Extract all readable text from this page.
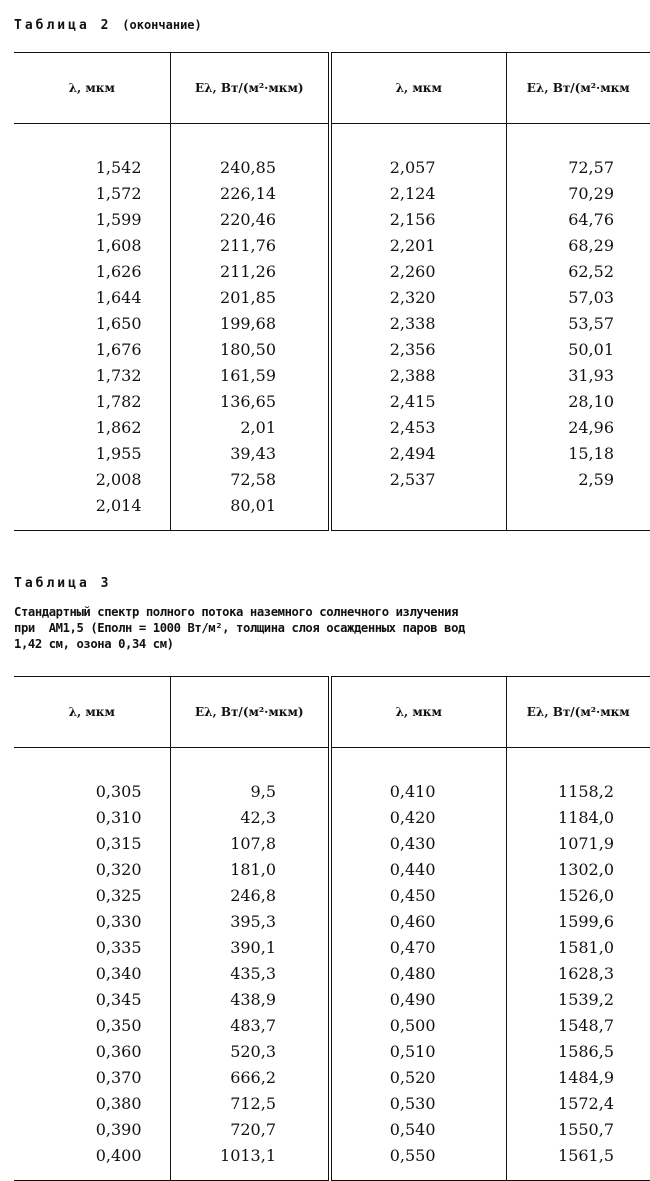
Таблица 2 (окончание)
λ, мкм	Eλ, Вт/(м²·мкм)	λ, мкм	Eλ, Вт/(м²·мкм

1,542	240,85	2,057	72,57
1,572	226,14	2,124	70,29
1,599	220,46	2,156	64,76
1,608	211,76	2,201	68,29
1,626	211,26	2,260	62,52
1,644	201,85	2,320	57,03
1,650	199,68	2,338	53,57
1,676	180,50	2,356	50,01
1,732	161,59	2,388	31,93
1,782	136,65	2,415	28,10
1,862	2,01	2,453	24,96
1,955	39,43	2,494	15,18
2,008	72,58	2,537	2,59
2,014	80,01		

Таблица 3
Стандартный спектр полного потока наземного солнечного излучения
при  AM1,5 (Eполн = 1000 Вт/м², толщина слоя осажденных паров вод
1,42 см, озона 0,34 см)
λ, мкм	Eλ, Вт/(м²·мкм)	λ, мкм	Eλ, Вт/(м²·мкм

0,305	9,5	0,410	1158,2
0,310	42,3	0,420	1184,0
0,315	107,8	0,430	1071,9
0,320	181,0	0,440	1302,0
0,325	246,8	0,450	1526,0
0,330	395,3	0,460	1599,6
0,335	390,1	0,470	1581,0
0,340	435,3	0,480	1628,3
0,345	438,9	0,490	1539,2
0,350	483,7	0,500	1548,7
0,360	520,3	0,510	1586,5
0,370	666,2	0,520	1484,9
0,380	712,5	0,530	1572,4
0,390	720,7	0,540	1550,7
0,400	1013,1	0,550	1561,5
